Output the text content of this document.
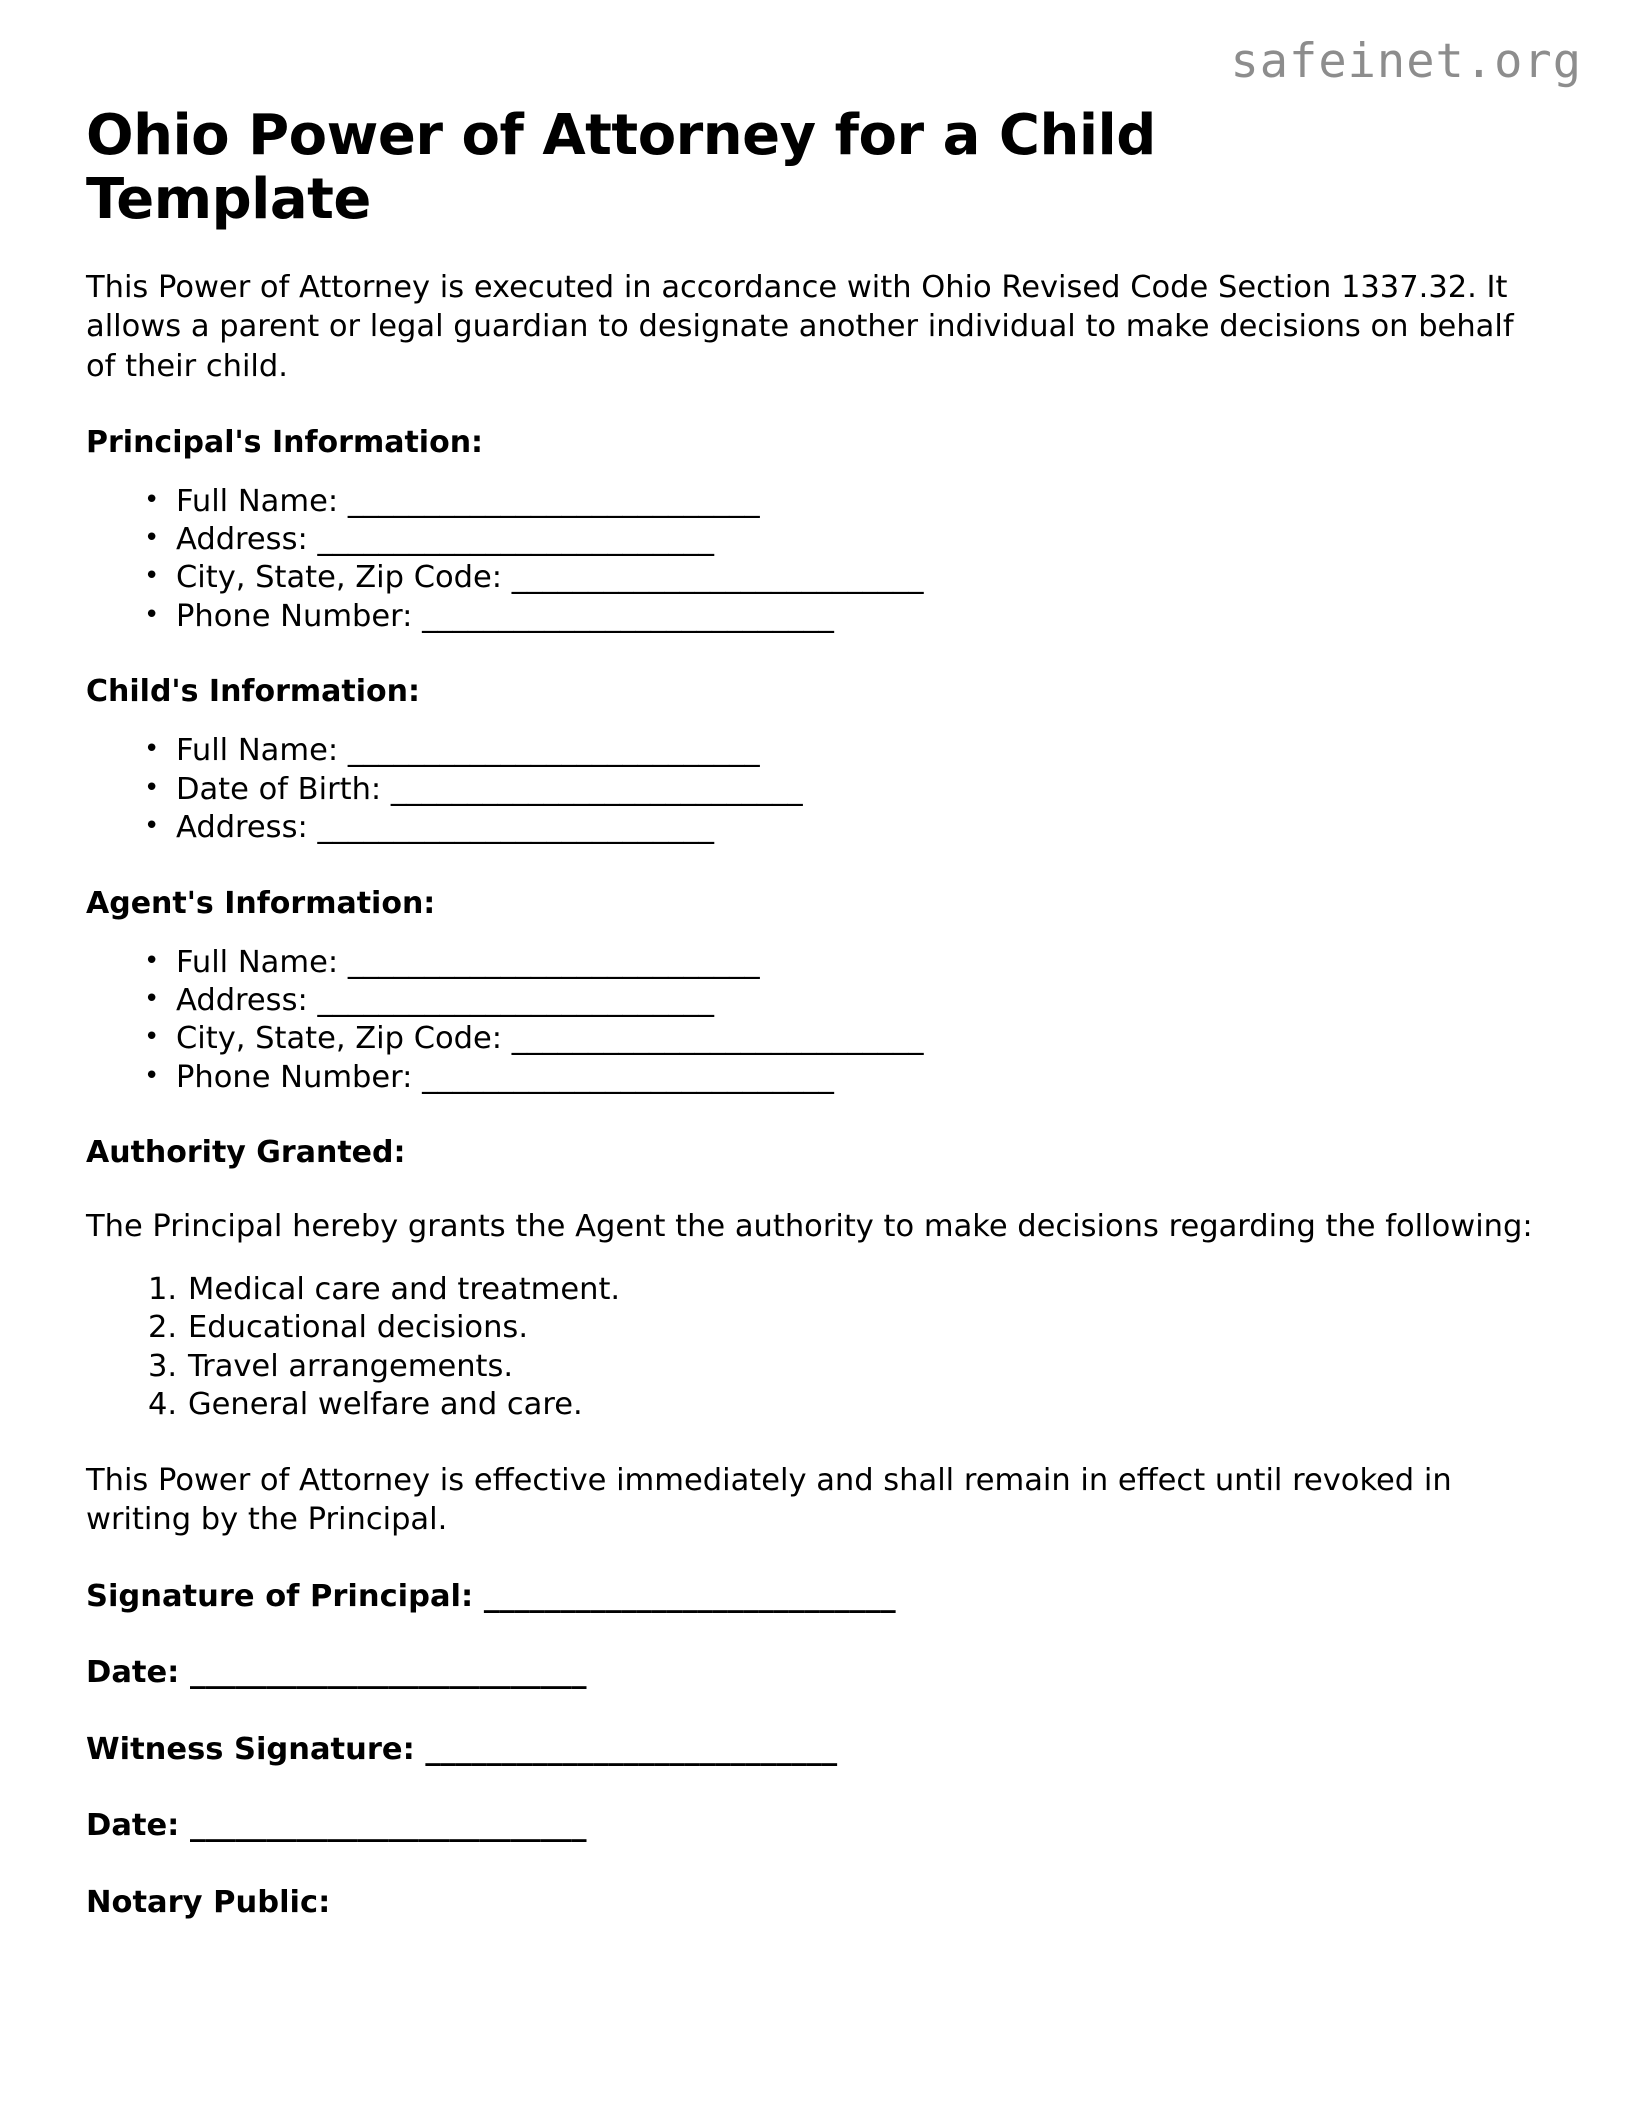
safeinet.org
Ohio Power of Attorney for a Child Template

This Power of Attorney is executed in accordance with Ohio Revised Code Section 1337.32. It allows a parent or legal guardian to designate another individual to make decisions on behalf of their child.

Principal's Information:
• Full Name: ___________________________
• Address: __________________________
• City, State, Zip Code: ___________________________
• Phone Number: ___________________________
Child's Information:
• Full Name: ___________________________
• Date of Birth: ___________________________
• Address: __________________________
Agent's Information:
• Full Name: ___________________________
• Address: __________________________
• City, State, Zip Code: ___________________________
• Phone Number: ___________________________
Authority Granted:

The Principal hereby grants the Agent the authority to make decisions regarding the following:

Medical care and treatment.
Educational decisions.
Travel arrangements.
General welfare and care.

This Power of Attorney is effective immediately and shall remain in effect until revoked in writing by the Principal.

Signature of Principal: ___________________________
Date: __________________________
Witness Signature: ___________________________
Date: __________________________
Notary Public:
